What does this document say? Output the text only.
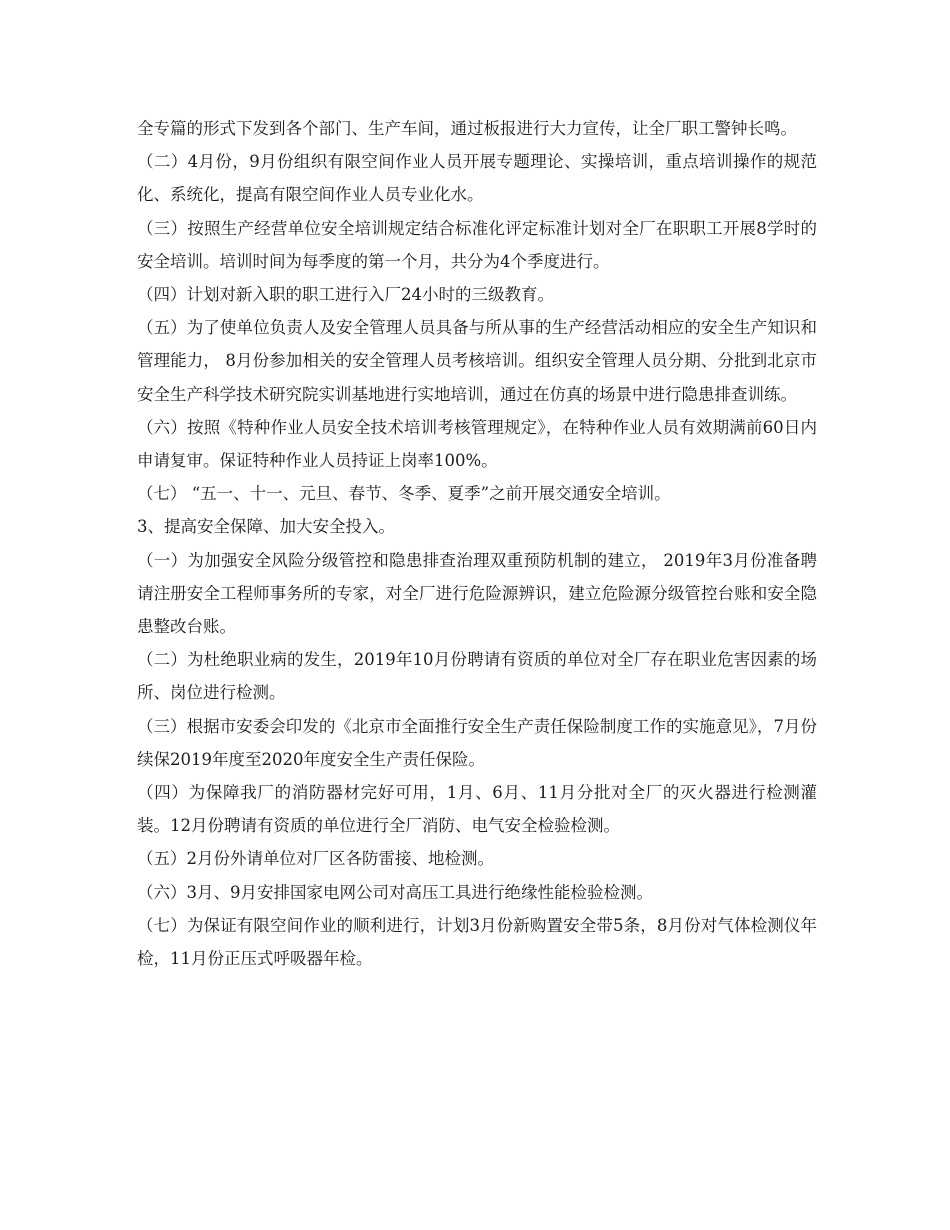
全专篇的形式下发到各个部门、生产车间，通过板报进行大力宣传，让全厂职工警钟长鸣。

（二）4月份，9月份组织有限空间作业人员开展专题理论、实操培训，重点培训操作的规范化、系统化，提高有限空间作业人员专业化水。

（三）按照生产经营单位安全培训规定结合标准化评定标准计划对全厂在职职工开展8学时的安全培训。培训时间为每季度的第一个月，共分为4个季度进行。

（四）计划对新入职的职工进行入厂24小时的三级教育。

（五）为了使单位负责人及安全管理人员具备与所从事的生产经营活动相应的安全生产知识和管理能力， 8月份参加相关的安全管理人员考核培训。组织安全管理人员分期、分批到北京市安全生产科学技术研究院实训基地进行实地培训，通过在仿真的场景中进行隐患排查训练。

（六）按照《特种作业人员安全技术培训考核管理规定》，在特种作业人员有效期满前60日内申请复审。保证特种作业人员持证上岗率100%。

（七） “五一、十一、元旦、春节、冬季、夏季”之前开展交通安全培训。

3、提高安全保障、加大安全投入。

（一）为加强安全风险分级管控和隐患排查治理双重预防机制的建立， 2019年3月份准备聘请注册安全工程师事务所的专家，对全厂进行危险源辨识，建立危险源分级管控台账和安全隐患整改台账。

（二）为杜绝职业病的发生，2019年10月份聘请有资质的单位对全厂存在职业危害因素的场所、岗位进行检测。

（三）根据市安委会印发的《北京市全面推行安全生产责任保险制度工作的实施意见》，7月份续保2019年度至2020年度安全生产责任保险。

（四）为保障我厂的消防器材完好可用，1月、6月、11月分批对全厂的灭火器进行检测灌装。12月份聘请有资质的单位进行全厂消防、电气安全检验检测。

（五）2月份外请单位对厂区各防雷接、地检测。

（六）3月、9月安排国家电网公司对高压工具进行绝缘性能检验检测。

（七）为保证有限空间作业的顺利进行，计划3月份新购置安全带5条，8月份对气体检测仪年检，11月份正压式呼吸器年检。
